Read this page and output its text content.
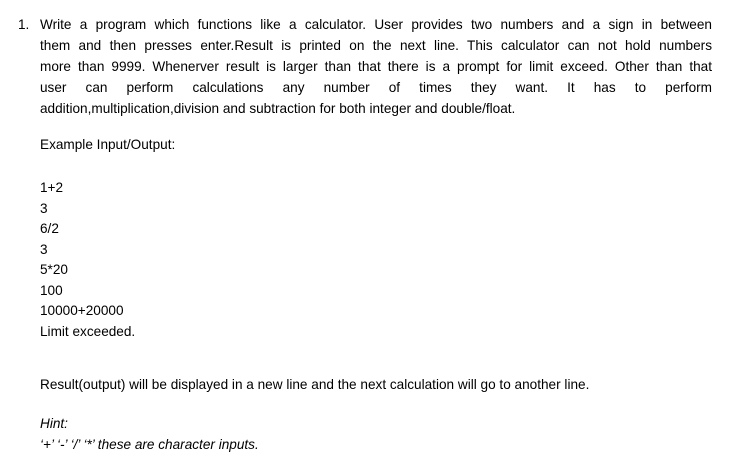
1. Write a program which functions like a calculator. User provides two numbers and a sign in between
them and then presses enter.Result is printed on the next line. This calculator can not hold numbers
more than 9999. Whenerver result is larger than that there is a prompt for limit exceed. Other than that
user can perform calculations any number of times they want. It has to perform
addition,multiplication,division and subtraction for both integer and double/float.
Example Input/Output:
1+2
3
6/2
3
5*20
100
10000+20000
Limit exceeded.
Result(output) will be displayed in a new line and the next calculation will go to another line.
Hint:
‘+’ ‘-’ ‘/’ ‘*’ these are character inputs.
